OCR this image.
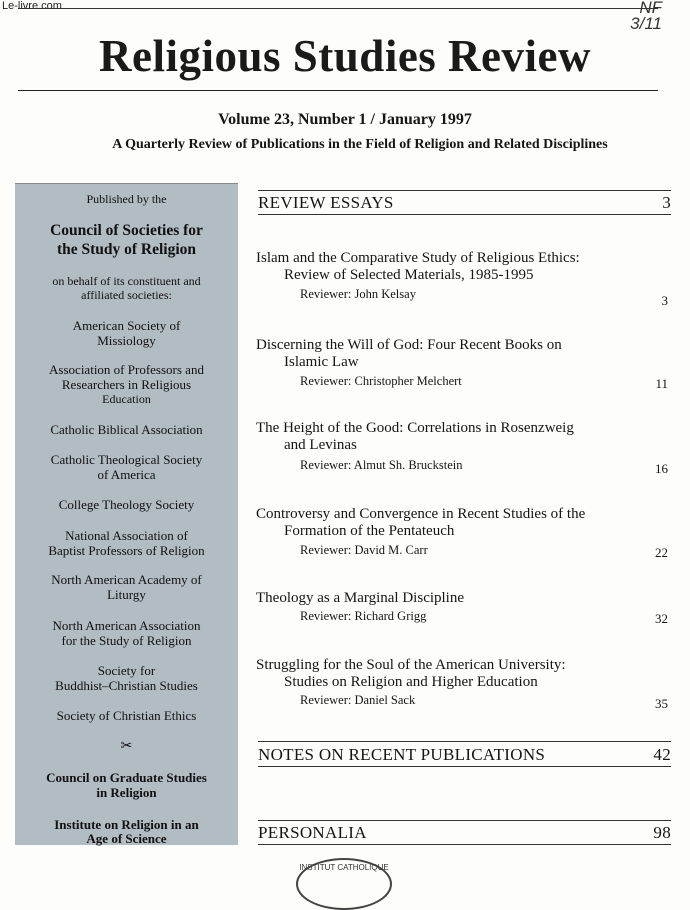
Le-livre.com	NF
3/11
Religious Studies Review
Volume 23, Number 1 / January 1997
A Quarterly Review of Publications in the Field of Religion and Related Disciplines
Published by the
Council of Societies for
the Study of Religion
on behalf of its constituent and
affiliated societies:
American Society of
Missiology
Association of Professors and
Researchers in Religious
Education
Catholic Biblical Association
Catholic Theological Society
of America
College Theology Society
National Association of
Baptist Professors of Religion
North American Academy of
Liturgy
North American Association
for the Study of Religion
Society for
Buddhist–Christian Studies
Society of Christian Ethics
✂
Council on Graduate Studies
in Religion
Institute on Religion in an
Age of Science
REVIEW ESSAYS	3
Islam and the Comparative Study of Religious Ethics:
Review of Selected Materials, 1985-1995
Reviewer: John Kelsay	3
Discerning the Will of God: Four Recent Books on
Islamic Law
Reviewer: Christopher Melchert	11
The Height of the Good: Correlations in Rosenzweig
and Levinas
Reviewer: Almut Sh. Bruckstein	16
Controversy and Convergence in Recent Studies of the
Formation of the Pentateuch
Reviewer: David M. Carr	22
Theology as a Marginal Discipline
Reviewer: Richard Grigg	32
Struggling for the Soul of the American University:
Studies on Religion and Higher Education
Reviewer: Daniel Sack	35
NOTES ON RECENT PUBLICATIONS	42
PERSONALIA	98
INSTITUT CATHOLIQUE
